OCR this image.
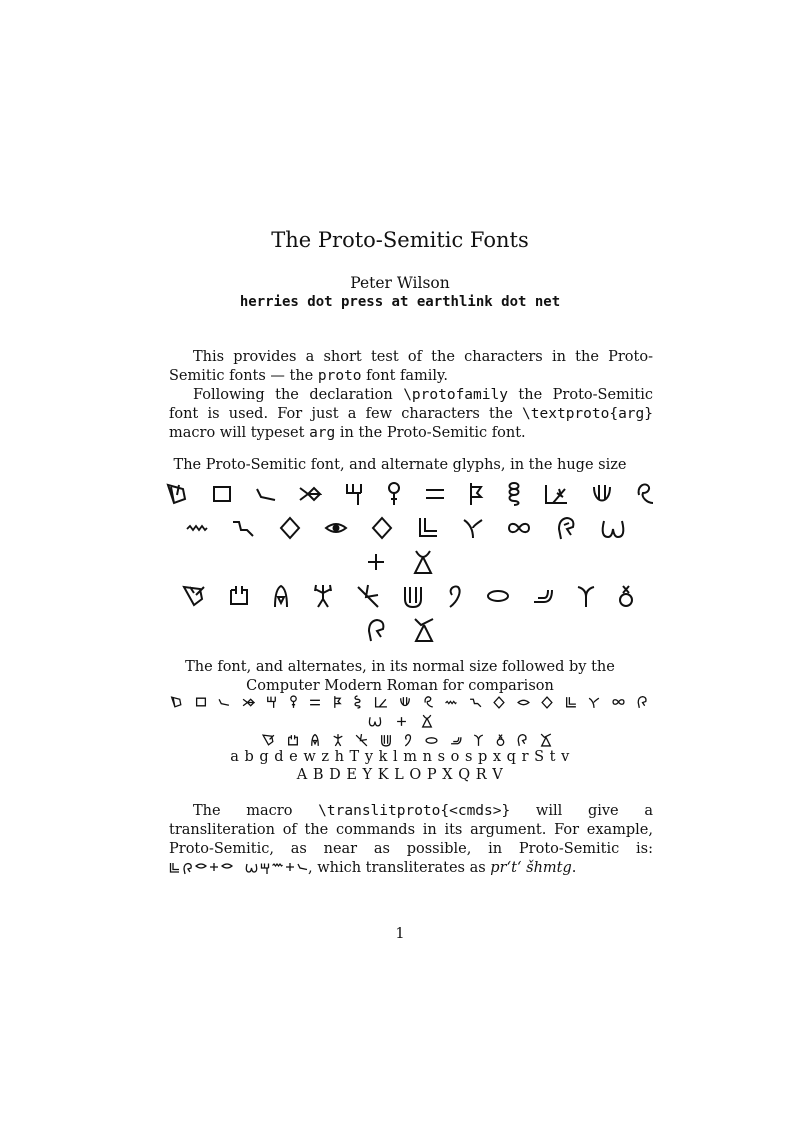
The Proto-Semitic Fonts
Peter Wilson
herries dot press at earthlink dot net

This provides a short test of the characters in the Proto-Semitic fonts — the proto font family.

Following the declaration \protofamily the Proto-Semitic font is used. For just a few characters the \textproto{arg} macro will typeset arg in the Proto-Semitic font.

The Proto-Semitic font, and alternate glyphs, in the huge size
The font, and alternates, in its normal size followed by the Computer Modern Roman for comparison
a b g d e w z h T y k l m n s o s p x q r S t v
A B D E Y K L O P X Q R V

The macro \translitproto{<cmds>} will give a transliteration of the commands in its argument. For example, Proto-Semitic, as near as possible, in Proto-Semitic is:
, which transliterates as pr‘t‘ šhmtg.

1
